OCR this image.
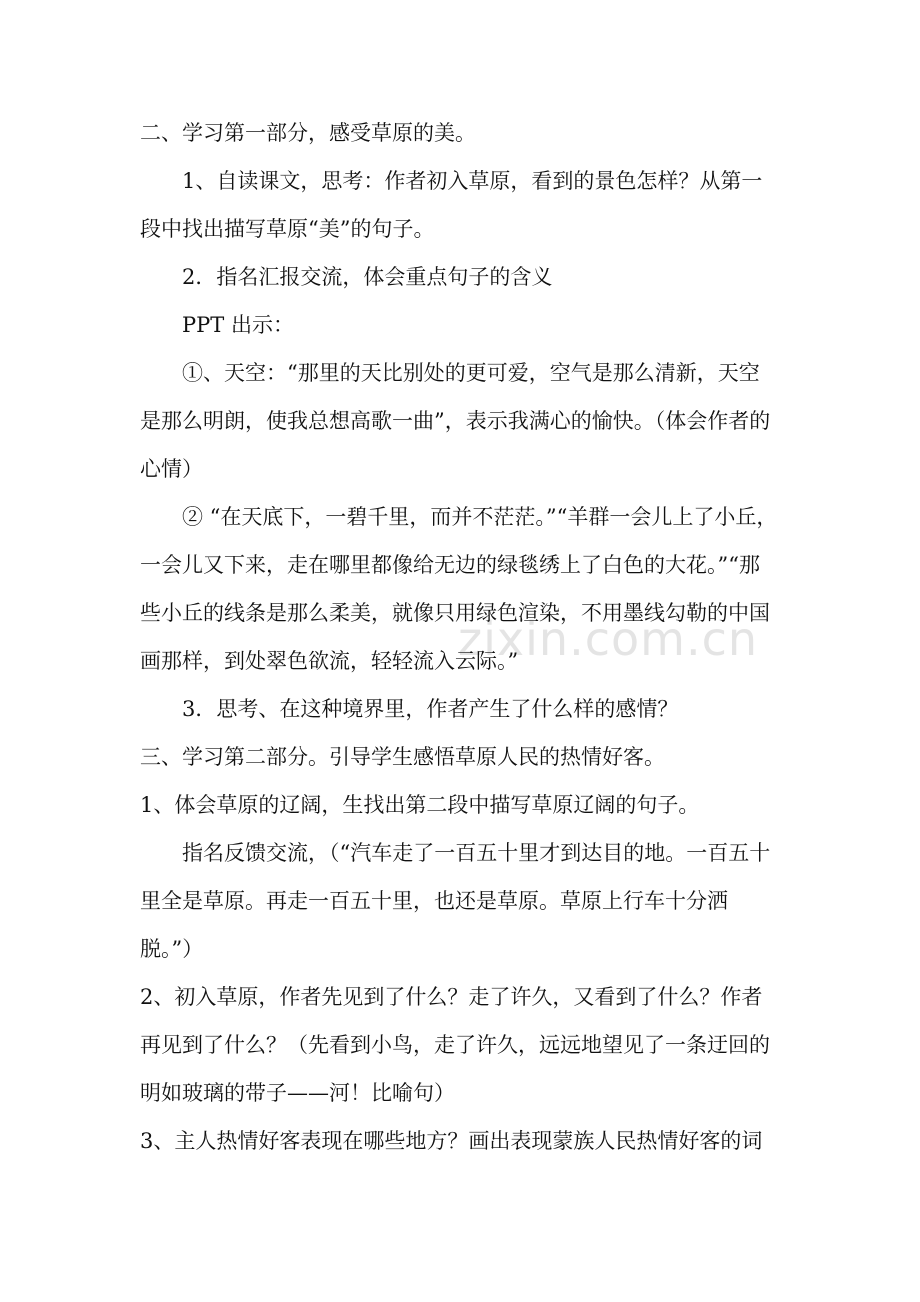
zixin.com.cn
二、学习第一部分，感受草原的美。
1、自读课文，思考：作者初入草原，看到的景色怎样？从第一
段中找出描写草原“美”的句子。
2．指名汇报交流，体会重点句子的含义
PPT 出示：
①、天空：“那里的天比别处的更可爱，空气是那么清新，天空
是那么明朗，使我总想高歌一曲”，表示我满心的愉快。（体会作者的
心情）
② “在天底下，一碧千里，而并不茫茫。”“羊群一会儿上了小丘，
一会儿又下来，走在哪里都像给无边的绿毯绣上了白色的大花。”“那
些小丘的线条是那么柔美，就像只用绿色渲染，不用墨线勾勒的中国
画那样，到处翠色欲流，轻轻流入云际。”
3．思考、在这种境界里，作者产生了什么样的感情？
三、学习第二部分。引导学生感悟草原人民的热情好客。
1、体会草原的辽阔，生找出第二段中描写草原辽阔的句子。
指名反馈交流，（“汽车走了一百五十里才到达目的地。一百五十
里全是草原。再走一百五十里，也还是草原。草原上行车十分洒
脱。”）
2、初入草原，作者先见到了什么？走了许久，又看到了什么？作者
再见到了什么？（先看到小鸟，走了许久，远远地望见了一条迂回的
明如玻璃的带子——河！比喻句）
3、主人热情好客表现在哪些地方？画出表现蒙族人民热情好客的词
